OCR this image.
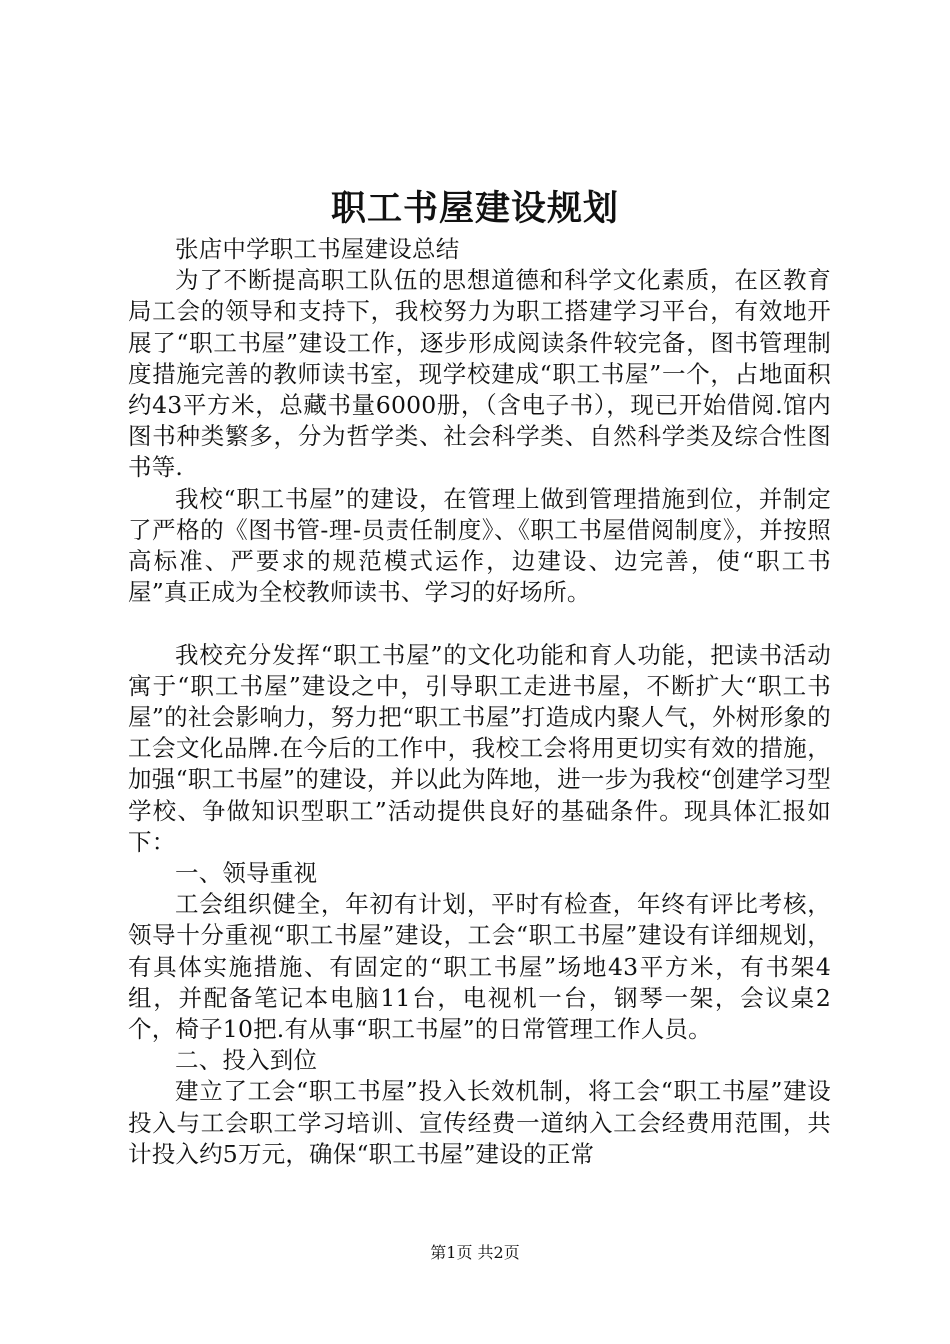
职工书屋建设规划

张店中学职工书屋建设总结

为了不断提高职工队伍的思想道德和科学文化素质，在区教育局工会的领导和支持下，我校努力为职工搭建学习平台，有效地开展了“职工书屋”建设工作，逐步形成阅读条件较完备，图书管理制度措施完善的教师读书室，现学校建成“职工书屋”一个，占地面积约43平方米，总藏书量6000册，（含电子书），现已开始借阅.馆内图书种类繁多，分为哲学类、社会科学类、自然科学类及综合性图书等.

我校“职工书屋”的建设，在管理上做到管理措施到位，并制定了严格的《图书管-理-员责任制度》、《职工书屋借阅制度》，并按照高标准、严要求的规范模式运作，边建设、边完善，使“职工书屋”真正成为全校教师读书、学习的好场所。

我校充分发挥“职工书屋”的文化功能和育人功能，把读书活动寓于“职工书屋”建设之中，引导职工走进书屋，不断扩大“职工书屋”的社会影响力，努力把“职工书屋”打造成内聚人气，外树形象的工会文化品牌.在今后的工作中，我校工会将用更切实有效的措施，加强“职工书屋”的建设，并以此为阵地，进一步为我校“创建学习型学校、争做知识型职工”活动提供良好的基础条件。现具体汇报如下：

一、领导重视

工会组织健全，年初有计划，平时有检查，年终有评比考核，领导十分重视“职工书屋”建设，工会“职工书屋”建设有详细规划，有具体实施措施、有固定的“职工书屋”场地43平方米，有书架4组，并配备笔记本电脑11台，电视机一台，钢琴一架，会议桌2个，椅子10把.有从事“职工书屋”的日常管理工作人员。

二、投入到位

建立了工会“职工书屋”投入长效机制，将工会“职工书屋”建设投入与工会职工学习培训、宣传经费一道纳入工会经费用范围，共计投入约5万元，确保“职工书屋”建设的正常

第1页 共2页
